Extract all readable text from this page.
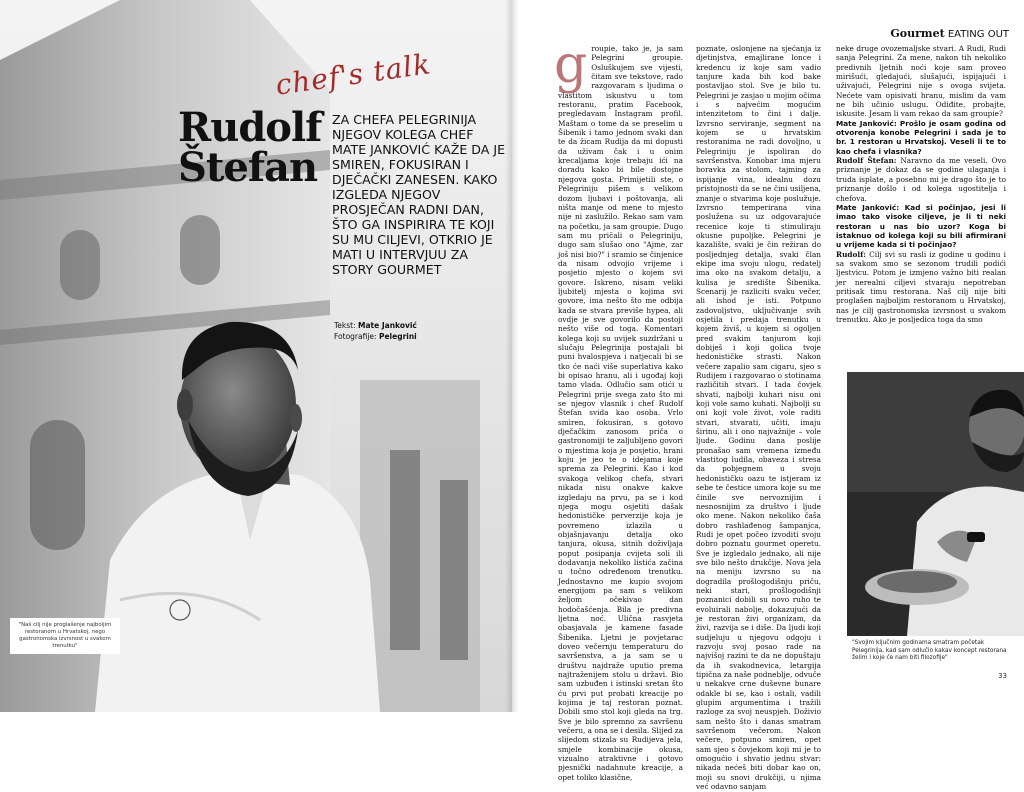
chef's talk
Rudolf
Štefan
ZA CHEFA PELEGRINIJA NJEGOV KOLEGA CHEF MATE JANKOVIĆ KAŽE DA JE SMIREN, FOKUSIRAN I DJEČAČKI ZANESEN. KAKO IZGLEDA NJEGOV PROSJEČAN RADNI DAN, ŠTO GA INSPIRIRA TE KOJI SU MU CILJEVI, OTKRIO JE MATI U INTERVJUU ZA STORY GOURMET
Tekst: Mate Janković
Fotografije: Pelegrini
"Naš cilj nije proglašenje najboljim restoranom u Hrvatskoj, nego gastronomska izvrsnost u svakom trenutku"
Gourmet EATING OUT
g roupie, tako je, ja sam Pelegrini groupie. Osluškujem sve vijesti, čitam sve tekstove, rado razgovaram s ljudima o vlastitom iskustvu u tom restoranu, pratim Facebook, pregledavam Instagram profil. Maštam o tome da se preselim u Šibenik i tamo jednom svaki dan te da žicam Rudija da mi dopusti da uživam čak i u onim krecaljama koje trebaju ići na doradu kako bi bile dostojne njegova gosta. Primijetili ste, o Pelegriniju pišem s velikom dozom ljubavi i poštovanja, ali ništa manje od mene to mjesto nije ni zaslužilo. Rekao sam vam na početku, ja sam groupie. Dugo sam mu pričali o Pelegriniju, dugo sam slušao ono "Ajme, zar još nisi bio?" i sramio se činjenice da nisam odvojio vrijeme i posjetio mjesto o kojem svi govore. Iskreno, nisam veliki ljubitelj mjesta o kojima svi govore, ima nešto što me odbija kada se stvara previše hypea, ali ovdje je sve govorilo da postoji nešto više od toga. Komentari kolega koji su uvijek suzdržani u slučaju Pelegrinija postajali bi puni hvalospjeva i natjecali bi se tko će naći više superlativa kako bi opisao hranu, ali i ugođaj koji tamo vlada. Odlučio sam otići u Pelegrini prije svega zato što mi se njegov vlasnik i chef Rudolf Štefan svida kao osoba. Vrlo smiren, fokusiran, s gotovo dječačkim zanosom priča o gastronomiji te zaljubljeno govori o mjestima koja je posjetio, hrani koju je jeo te o idejama koje sprema za Pelegrini. Kao i kod svakoga velikog chefa, stvari nikada nisu onakve kakve izgledaju na prvu, pa se i kod njega mogu osjetiti dašak hedonističke perverzije koja je povremeno izlazila u objašnjavanju detalja oko tanjura, okusa, sitnih doživljaja poput posipanja cvijeta soli ili dodavanja nekoliko listića začina u točno određenom trenutku. Jednostavno me kupio svojom energijom pa sam s velikom željom očekivao dan hodočašćenja. Bila je predivna ljetna noć. Ulična rasvjeta obasjavala je kamene fasade Šibenika. Ljetni je povjetarac doveo večernju temperaturu do savršenstva, a ja sam se u društvu najdraže uputio prema najtraženijem stolu u državi. Bio sam uzbuđen i istinski sretan što ću prvi put probati kreacije po kojima je taj restoran poznat. Dobili smo stol koji gleda na trg. Sve je bilo spremno za savršenu večeru, a ona se i desila. Slijed za slijedom stizala su Rudijeva jela, smjele kombinacije okusa, vizualno atraktivne i gotovo pjesnički nadahnute kreacije, a opet toliko klasične,

poznate, oslonjene na sjećanja iz djetinjstva, emajlirane lonce i kredencu iz koje sam vadio tanjure kada bih kod bake postavljao stol. Sve je bilo tu. Pelegrini je zasjao u mojim očima i s najvećim mogućim intenzitetom to čini i dalje. Izvrsno serviranje, segment na kojem se u hrvatskim restoranima ne radi dovoljno, u Pelegriniju je ispoliran do savršenstva. Konobar ima mjeru boravka za stolom, tajming za ispijanje vina, idealnu dozu pristojnosti da se ne čini usiljena, znanje o stvarima koje poslužuje. Izvrsno temperirana vina poslužena su uz odgovarajuće recenice koje ti stimuliraju okusne pupoljke. Pelegrini je kazalište, svaki je čin režiran do posljednjeg detalja, svaki član ekipe ima svoju ulogu, redatelj ima oko na svakom detalju, a kulisa je središte Šibenika. Scenarij je razliciti svaku večer, ali ishod je isti. Potpuno zadovoljstvo, uključivanje svih osjetila i predaja trenutku u kojem živiš, u kojem si ogoljen pred svakim tanjurom koji dobiješ i koji golica tvoje hedonističke strasti. Nakon večere zapalio sam cigaru, sjeo s Rudijem i razgovarao o stotinama različitih stvari. I tada čovjek shvati, najbolji kuhari nisu oni koji vole samo kuhati. Najbolji su oni koji vole život, vole raditi stvari, stvarati, učiti, imaju širinu, ali i ono najvažnije – vole ljude. Godinu dana poslije pronašao sam vremena između vlastitog ludila, obaveza i stresa da pobjegnem u svoju hedonističku oazu te istjeram iz sebe te čestice umora koje su me činile sve nervoznijim i nesnosnijim za društvo i ljude oko mene. Nakon nekoliko čaša dobro rashlađenog šampanjca, Rudi je opet počeo izvoditi svoju dobro poznatu gourmet operetu. Sve je izgledalo jednako, ali nije sve bilo nešto drukčije. Nova jela na meniju izvrsno su na dogradila prošlogodišnju priču, neki stari, prošlogodišnji poznanici dobili su novo ruho te evoluirali nabolje, dokazujući da je restoran živi organizam, da živi, razvija se i diše. Da ljudi koji sudjeluju u njegovu odgoju i razvoju svoj posao rade na najvišoj razini te da ne dopuštaju da ih svakodnevica, letargija tipična za naše podneblje, odvuče u nekakve crne duševne bunare odakle bi se, kao i ostali, vadili glupim argumentima i tražili razloge za svoj neuspjeh. Doživio sam nešto što i danas smatram savršenom večerom. Nakon večere, potpuno smiren, opet sam sjeo s čovjekom koji mi je to omogućio i shvatio jednu stvar: nikada nećeš biti dobar kao on, moji su snovi drukčiji, u njima već odavno sanjam

neke druge ovozemaljske stvari. A Rudi, Rudi sanja Pelegrini. Za mene, nakon tih nekoliko predivnih ljetnih noći koje sam proveo mirišući, gledajući, slušajući, ispijajući i uživajući, Pelegrini nije s ovoga svijeta. Nećete vam opisivati hranu, mislim da vam ne bih učinio uslugu. Odiđite, probajte, iskusite. Jesam li vam rekao da sam groupie?

Mate Janković: Prošlo je osam godina od otvorenja konobe Pelegrini i sada je to br. 1 restoran u Hrvatskoj. Veseli li te to kao chefa i vlasnika?

Rudolf Štefan: Naravno da me veseli. Ovo priznanje je dokaz da se godine ulaganja i truda isplate, a posebno mi je drago što je to priznanje došlo i od kolega ugostitelja i chefova.

Mate Janković: Kad si počinjao, jesi li imao tako visoke ciljeve, je li ti neki restoran u nas bio uzor? Koga bi istaknuo od kolega koji su bili afirmirani u vrijeme kada si ti počinjao?

Rudolf: Cilj svi su rasli iz godine u godinu i sa svakom smo se sezonom trudili podići ljestvicu. Potom je izmjeno važno biti realan jer nerealni ciljevi stvaraju nepotreban pritisak timu restorana. Naš cilj nije biti proglašen najboljim restoranom u Hrvatskoj, nas je cilj gastronomska izvrsnost u svakom trenutku. Ako je posljedica toga da smo

"Svojim ključnim godinama smatram početak Pelegrinija, kad sam odlučio kakav koncept restorana želim i koje će nam biti filozofije"
33
